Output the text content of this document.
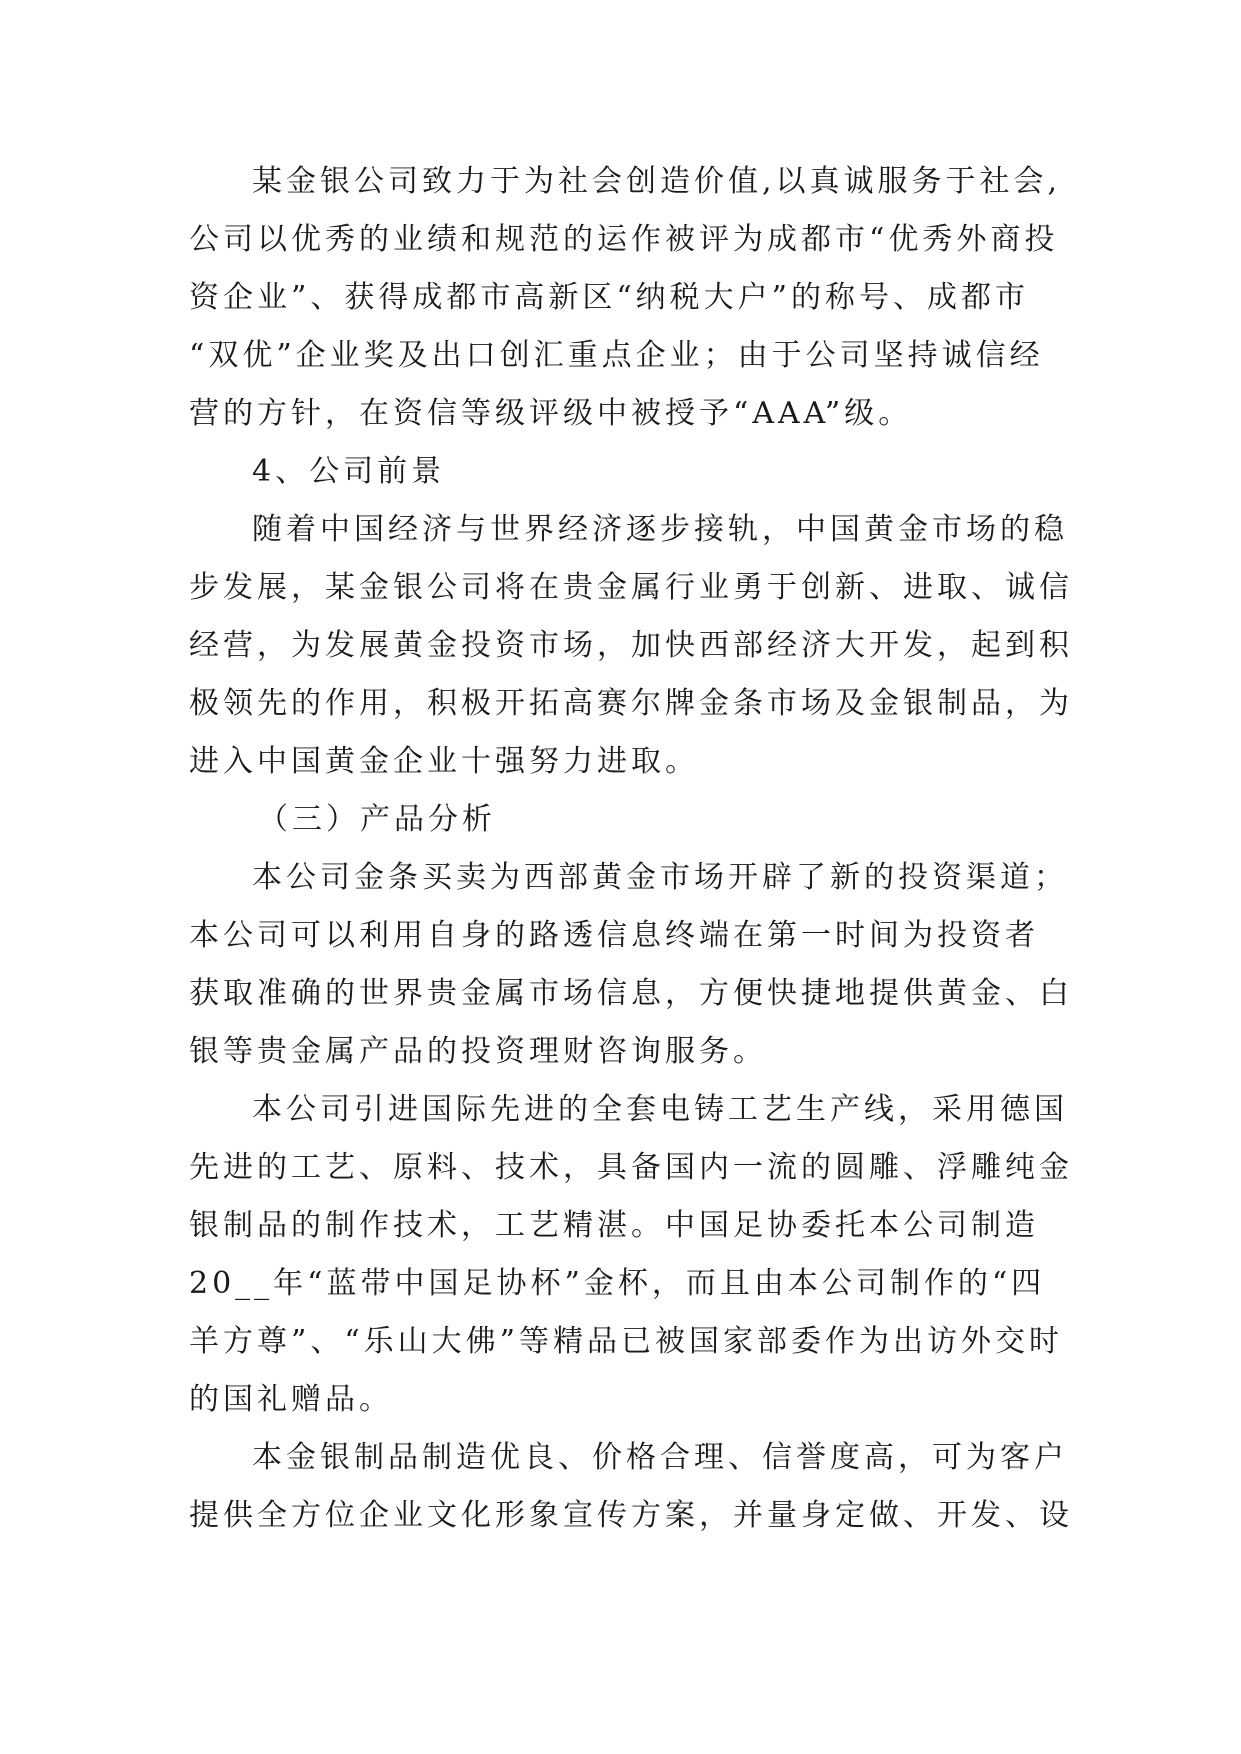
某金银公司致力于为社会创造价值,以真诚服务于社会,

公司以优秀的业绩和规范的运作被评为成都市“优秀外商投

资企业”、获得成都市高新区“纳税大户”的称号、成都市

“双优”企业奖及出口创汇重点企业；由于公司坚持诚信经

营的方针，在资信等级评级中被授予“AAA”级。

4、公司前景

随着中国经济与世界经济逐步接轨，中国黄金市场的稳

步发展，某金银公司将在贵金属行业勇于创新、进取、诚信

经营，为发展黄金投资市场，加快西部经济大开发，起到积

极领先的作用，积极开拓高赛尔牌金条市场及金银制品，为

进入中国黄金企业十强努力进取。

（三）产品分析

本公司金条买卖为西部黄金市场开辟了新的投资渠道；

本公司可以利用自身的路透信息终端在第一时间为投资者

获取准确的世界贵金属市场信息，方便快捷地提供黄金、白

银等贵金属产品的投资理财咨询服务。

本公司引进国际先进的全套电铸工艺生产线，采用德国

先进的工艺、原料、技术，具备国内一流的圆雕、浮雕纯金

银制品的制作技术，工艺精湛。中国足协委托本公司制造

20__年“蓝带中国足协杯”金杯，而且由本公司制作的“四

羊方尊”、“乐山大佛”等精品已被国家部委作为出访外交时

的国礼赠品。

本金银制品制造优良、价格合理、信誉度高，可为客户

提供全方位企业文化形象宣传方案，并量身定做、开发、设
